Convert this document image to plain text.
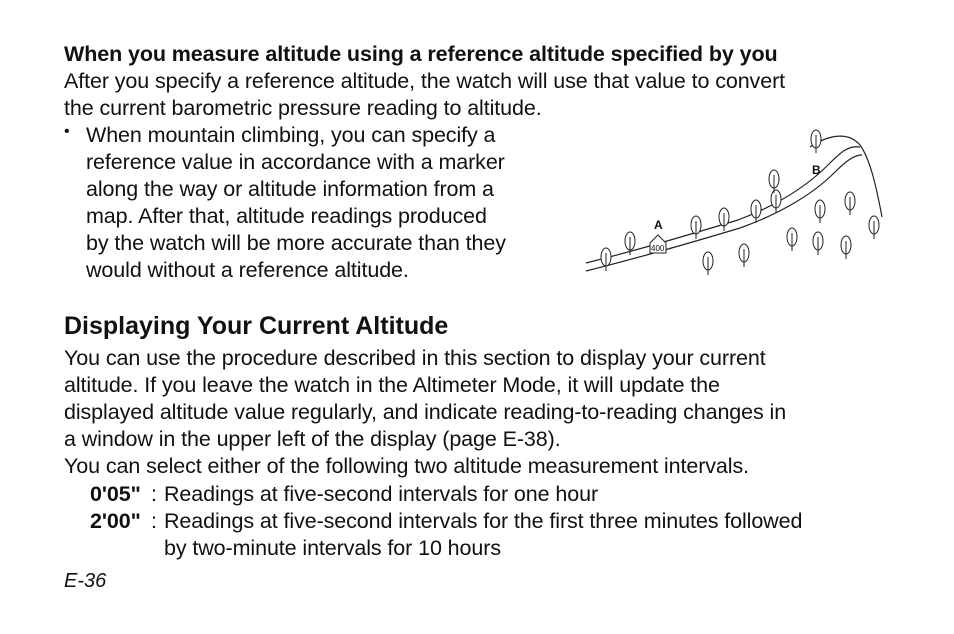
When you measure altitude using a reference altitude specified by you
After you specify a reference altitude, the watch will use that value to convert
the current barometric pressure reading to altitude.
• When mountain climbing, you can specify a
reference value in accordance with a marker
along the way or altitude information from a
map. After that, altitude readings produced
by the watch will be more accurate than they
would without a reference altitude.
A
400
B
Displaying Your Current Altitude
You can use the procedure described in this section to display your current
altitude. If you leave the watch in the Altimeter Mode, it will update the
displayed altitude value regularly, and indicate reading-to-reading changes in
a window in the upper left of the display (page E-38).
You can select either of the following two altitude measurement intervals.
0'05" : Readings at five-second intervals for one hour
2'00" : Readings at five-second intervals for the first three minutes followed
by two-minute intervals for 10 hours
E-36
